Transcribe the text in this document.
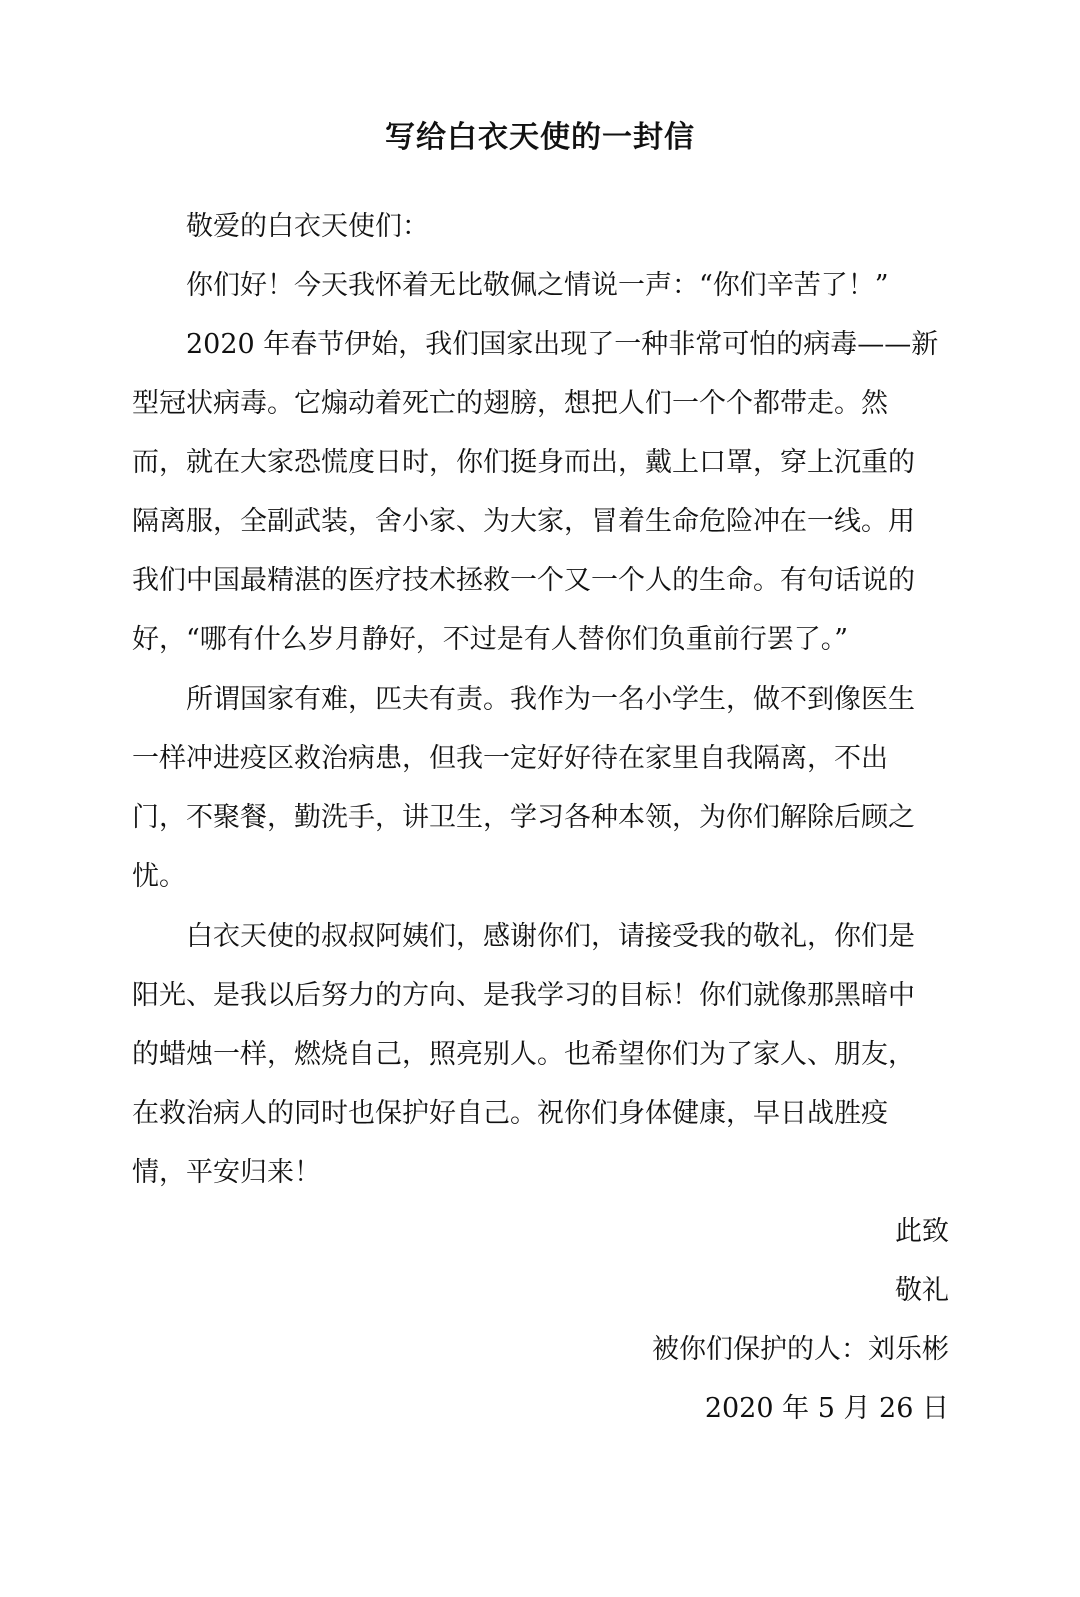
写给白衣天使的一封信
敬爱的白衣天使们：
你们好！今天我怀着无比敬佩之情说一声：“你们辛苦了！”
2020 年春节伊始，我们国家出现了一种非常可怕的病毒——新
型冠状病毒。它煽动着死亡的翅膀，想把人们一个个都带走。然
而，就在大家恐慌度日时，你们挺身而出，戴上口罩，穿上沉重的
隔离服，全副武装，舍小家、为大家，冒着生命危险冲在一线。用
我们中国最精湛的医疗技术拯救一个又一个人的生命。有句话说的
好，“哪有什么岁月静好，不过是有人替你们负重前行罢了。”
所谓国家有难，匹夫有责。我作为一名小学生，做不到像医生
一样冲进疫区救治病患，但我一定好好待在家里自我隔离，不出
门，不聚餐，勤洗手，讲卫生，学习各种本领，为你们解除后顾之
忧。
白衣天使的叔叔阿姨们，感谢你们，请接受我的敬礼，你们是
阳光、是我以后努力的方向、是我学习的目标！你们就像那黑暗中
的蜡烛一样，燃烧自己，照亮别人。也希望你们为了家人、朋友，
在救治病人的同时也保护好自己。祝你们身体健康，早日战胜疫
情，平安归来！
此致
敬礼
被你们保护的人：刘乐彬
2020 年 5 月 26 日
